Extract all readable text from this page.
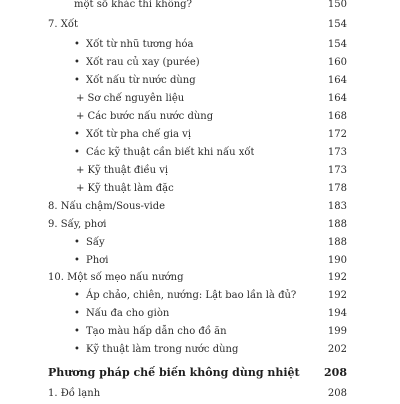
một số khác thì không?	150
7. Xốt	154
• Xốt từ nhũ tương hóa	154
• Xốt rau củ xay (purée)	160
• Xốt nấu từ nước dùng	164
+ Sơ chế nguyên liệu	164
+ Các bước nấu nước dùng	168
• Xốt từ pha chế gia vị	172
• Các kỹ thuật cần biết khi nấu xốt	173
+ Kỹ thuật điều vị	173
+ Kỹ thuật làm đặc	178
8. Nấu chậm/Sous-vide	183
9. Sấy, phơi	188
• Sấy	188
• Phơi	190
10. Một số mẹo nấu nướng	192
• Áp chảo, chiên, nướng: Lật bao lần là đủ?	192
• Nấu đa cho giòn	194
• Tạo màu hấp dẫn cho đồ ăn	199
• Kỹ thuật làm trong nước dùng	202
Phương pháp chế biến không dùng nhiệt 208
1. Đồ lạnh	208
